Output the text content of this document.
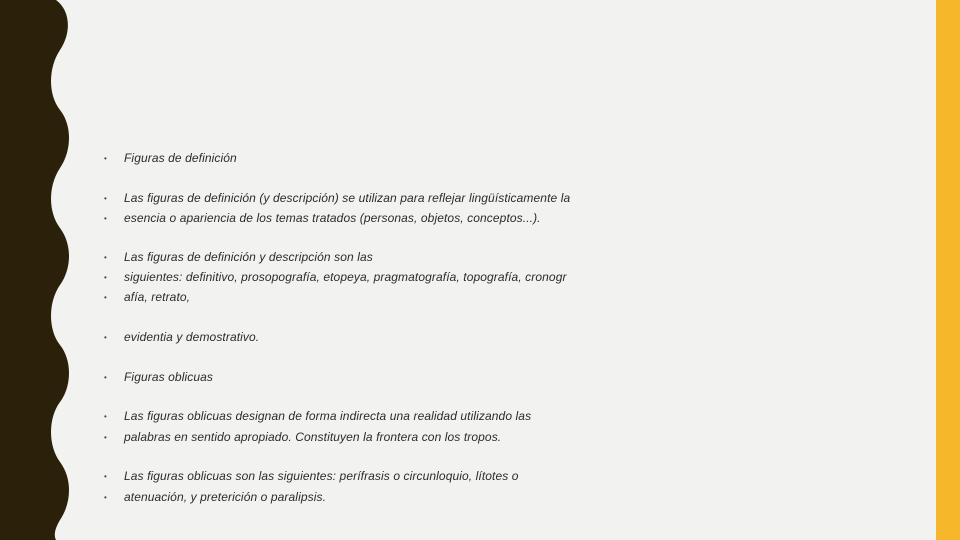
•	Figuras de definición
•	Las figuras de definición (y descripción) se utilizan para reflejar lingüísticamente la
•	esencia o apariencia de los temas tratados (personas, objetos, conceptos...).
•	Las figuras de definición y descripción son las
•	siguientes: definitivo, prosopografía, etopeya, pragmatografía, topografía, cronogr
•	afía, retrato,
•	evidentia y demostrativo.
•	Figuras oblicuas
•	Las figuras oblicuas designan de forma indirecta una realidad utilizando las
•	palabras en sentido apropiado. Constituyen la frontera con los tropos.
•	Las figuras oblicuas son las siguientes: perífrasis o circunloquio, lítotes o
•	atenuación, y preterición o paralipsis.
